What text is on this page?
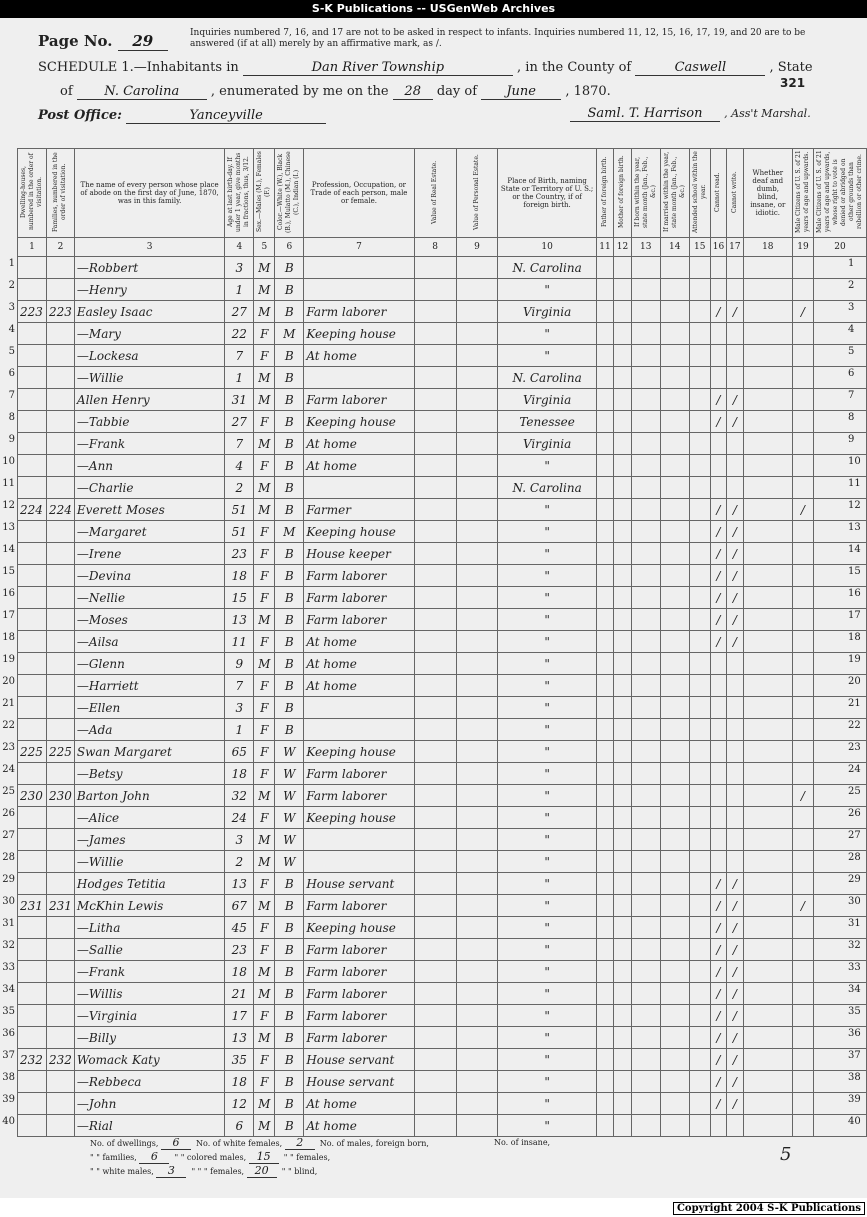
S-K Publications -- USGenWeb Archives
Page No. 29	Inquiries numbered 7, 16, and 17 are not to be asked in respect to infants. Inquiries numbered 11, 12, 15, 16, 17, 19, and 20 are to be answered (if at all) merely by an affirmative mark, as /.
SCHEDULE 1.—Inhabitants in	Dan River Township	, in the County of	Caswell	, State
321
of N. Carolina , enumerated by me on the 28 day of June , 1870.
Post Office:	Yanceyville	Saml. T. Harrison , Ass't Marshal.
Dwelling-houses, numbered in the order of visitation.	Families, numbered in the order of visitation.	The name of every person whose place of abode on the first day of June, 1870, was in this family.	Age at last birth-day. If under 1 year, give months in fractions, thus, 3/12.	Sex.—Males (M.), Females (F.)	Color.—White (W.), Black (B.), Mulatto (M.), Chinese (C.), Indian (I.)	Profession, Occupation, or Trade of each person, male or female.	Value of Real Estate.	Value of Personal Estate.	Place of Birth, naming State or Territory of U. S.; or the Country, if of foreign birth.	Father of foreign birth.	Mother of foreign birth.	If born within the year, state month (Jan., Feb., &c.)	If married within the year, state month (Jan., Feb., &c.)	Attended school within the year.	Cannot read.	Cannot write.	Whether deaf and dumb, blind, insane, or idiotic.	Male Citizens of U. S. of 21 years of age and upwards.	Male Citizens of U. S. of 21 years of age and upwards, whose right to vote is denied or abridged on other grounds than rebellion or other crime.
1	2	3	4	5	6	7	8	9	10	11	12	13	14	15	16	17	18	19	20
		—Robbert	3	M	B				N. Carolina										
		—Henry	1	M	B				"										
223	223	Easley Isaac	27	M	B	Farm laborer			Virginia						/	/		/	
		—Mary	22	F	M	Keeping house			"										
		—Lockesa	7	F	B	At home			"										
		—Willie	1	M	B				N. Carolina										
		Allen Henry	31	M	B	Farm laborer			Virginia						/	/			
		—Tabbie	27	F	B	Keeping house			Tenessee						/	/			
		—Frank	7	M	B	At home			Virginia										
		—Ann	4	F	B	At home			"										
		—Charlie	2	M	B				N. Carolina										
224	224	Everett Moses	51	M	B	Farmer			"						/	/		/	
		—Margaret	51	F	M	Keeping house			"						/	/			
		—Irene	23	F	B	House keeper			"						/	/			
		—Devina	18	F	B	Farm laborer			"						/	/			
		—Nellie	15	F	B	Farm laborer			"						/	/			
		—Moses	13	M	B	Farm laborer			"						/	/			
		—Ailsa	11	F	B	At home			"						/	/			
		—Glenn	9	M	B	At home			"										
		—Harriett	7	F	B	At home			"										
		—Ellen	3	F	B				"										
		—Ada	1	F	B				"										
225	225	Swan Margaret	65	F	W	Keeping house			"										
		—Betsy	18	F	W	Farm laborer			"										
230	230	Barton John	32	M	W	Farm laborer			"									/	
		—Alice	24	F	W	Keeping house			"										
		—James	3	M	W				"										
		—Willie	2	M	W				"										
		Hodges Tetitia	13	F	B	House servant			"						/	/			
231	231	McKhin Lewis	67	M	B	Farm laborer			"						/	/		/	
		—Litha	45	F	B	Keeping house			"						/	/			
		—Sallie	23	F	B	Farm laborer			"						/	/			
		—Frank	18	M	B	Farm laborer			"						/	/			
		—Willis	21	M	B	Farm laborer			"						/	/			
		—Virginia	17	F	B	Farm laborer			"						/	/			
		—Billy	13	M	B	Farm laborer			"						/	/			
232	232	Womack Katy	35	F	B	House servant			"						/	/			
		—Rebbeca	18	F	B	House servant			"						/	/			
		—John	12	M	B	At home			"						/	/			
		—Rial	6	M	B	At home			"										
No. of dwellings, 6 No. of white females, 2 No. of males, foreign born,
" " families, 6 " " colored males, 15 " " females,
" " white males, 3 " " " females, 20 " " blind,
No. of insane,
5
1	1
2	2
3	3
4	4
5	5
6	6
7	7
8	8
9	9
10	10
11	11
12	12
13	13
14	14
15	15
16	16
17	17
18	18
19	19
20	20
21	21
22	22
23	23
24	24
25	25
26	26
27	27
28	28
29	29
30	30
31	31
32	32
33	33
34	34
35	35
36	36
37	37
38	38
39	39
40	40
Copyright 2004 S-K Publications
